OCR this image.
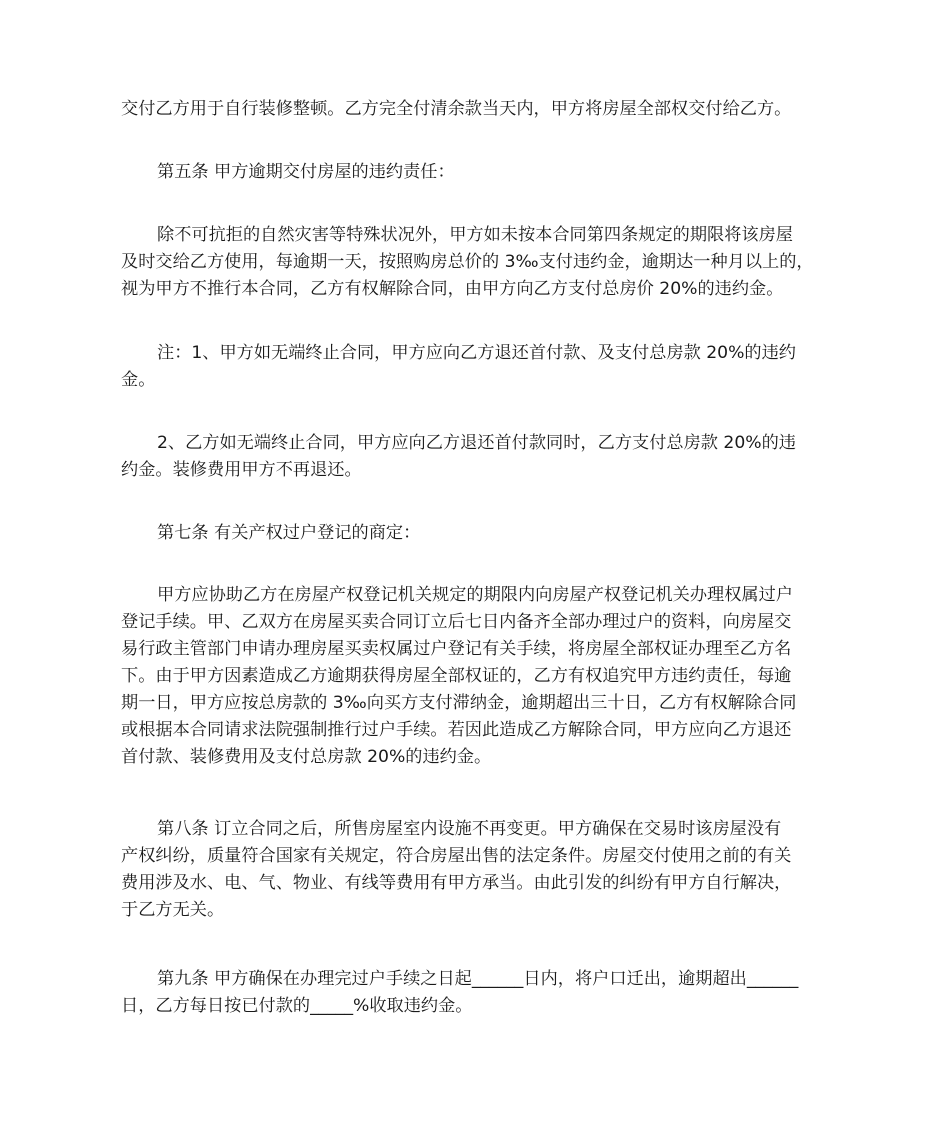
交付乙方用于自行装修整顿。乙方完全付清余款当天内，甲方将房屋全部权交付给乙方。
第五条 甲方逾期交付房屋的违约责任：
除不可抗拒的自然灾害等特殊状况外，甲方如未按本合同第四条规定的期限将该房屋
及时交给乙方使用，每逾期一天，按照购房总价的 3‰支付违约金，逾期达一种月以上的，
视为甲方不推行本合同，乙方有权解除合同，由甲方向乙方支付总房价 20%的违约金。
注：1、甲方如无端终止合同，甲方应向乙方退还首付款、及支付总房款 20%的违约
金。
2、乙方如无端终止合同，甲方应向乙方退还首付款同时，乙方支付总房款 20%的违
约金。装修费用甲方不再退还。
第七条 有关产权过户登记的商定：
甲方应协助乙方在房屋产权登记机关规定的期限内向房屋产权登记机关办理权属过户
登记手续。甲、乙双方在房屋买卖合同订立后七日内备齐全部办理过户的资料，向房屋交
易行政主管部门申请办理房屋买卖权属过户登记有关手续，将房屋全部权证办理至乙方名
下。由于甲方因素造成乙方逾期获得房屋全部权证的，乙方有权追究甲方违约责任，每逾
期一日，甲方应按总房款的 3‰向买方支付滞纳金，逾期超出三十日，乙方有权解除合同
或根据本合同请求法院强制推行过户手续。若因此造成乙方解除合同，甲方应向乙方退还
首付款、装修费用及支付总房款 20%的违约金。
第八条 订立合同之后，所售房屋室内设施不再变更。甲方确保在交易时该房屋没有
产权纠纷，质量符合国家有关规定，符合房屋出售的法定条件。房屋交付使用之前的有关
费用涉及水、电、气、物业、有线等费用有甲方承当。由此引发的纠纷有甲方自行解决，
于乙方无关。
第九条 甲方确保在办理完过户手续之日起______日内，将户口迁出，逾期超出______
日，乙方每日按已付款的_____%收取违约金。
